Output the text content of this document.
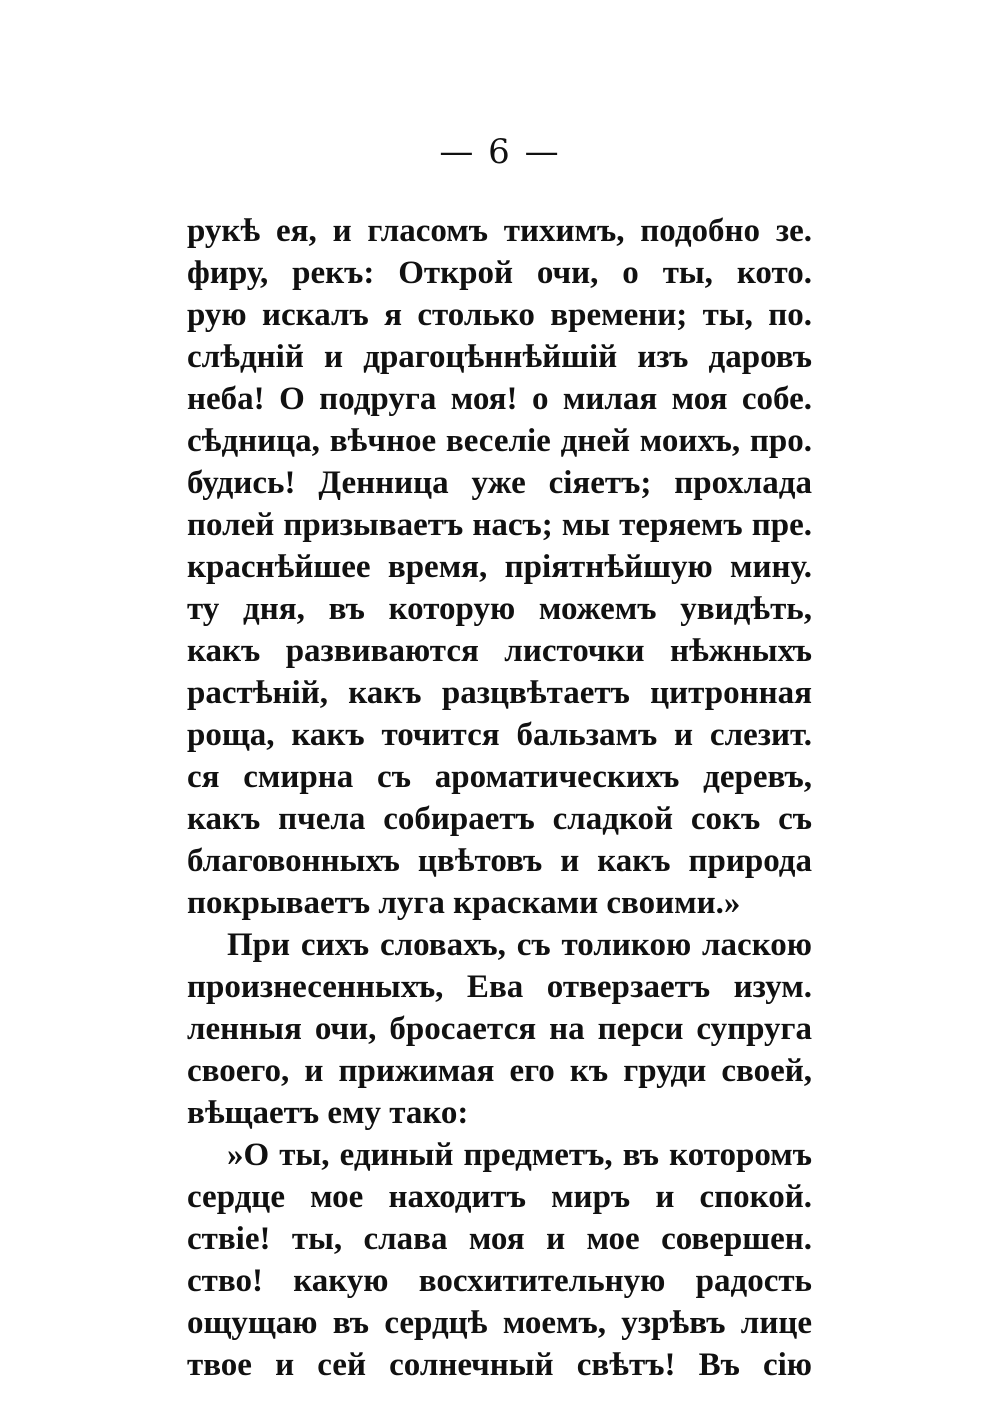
— 6 —
рукѣ ея, и гласомъ тихимъ, подобно зе.
фиру, рекъ: Открой очи, о ты, кото.
рую искалъ я столько времени; ты, по.
слѣдній и драгоцѣннѣйшій изъ даровъ
неба! О подруга моя! о милая моя собе.
сѣдница, вѣчное веселіе дней моихъ, про.
будись! Денница уже сіяетъ; прохлада
полей призываетъ насъ; мы теряемъ пре.
краснѣйшее время, пріятнѣйшую мину.
ту дня, въ которую можемъ увидѣть,
какъ развиваются листочки нѣжныхъ
растѣній, какъ разцвѣтаетъ цитронная
роща, какъ точится бальзамъ и слезит.
ся смирна съ ароматическихъ деревъ,
какъ пчела собираетъ сладкой сокъ съ
благовонныхъ цвѣтовъ и какъ природа
покрываетъ луга красками своими.»
При сихъ словахъ, съ толикою ласкою
произнесенныхъ, Ева отверзаетъ изум.
ленныя очи, бросается на перси супруга
своего, и прижимая его къ груди своей,
вѣщаетъ ему тако:
»О ты, единый предметъ, въ которомъ
сердце мое находитъ миръ и спокой.
ствіе! ты, слава моя и мое совершен.
ство! какую восхитительную радость
ощущаю въ сердцѣ моемъ, узрѣвъ лице
твое и сей солнечный свѣтъ! Въ сію
